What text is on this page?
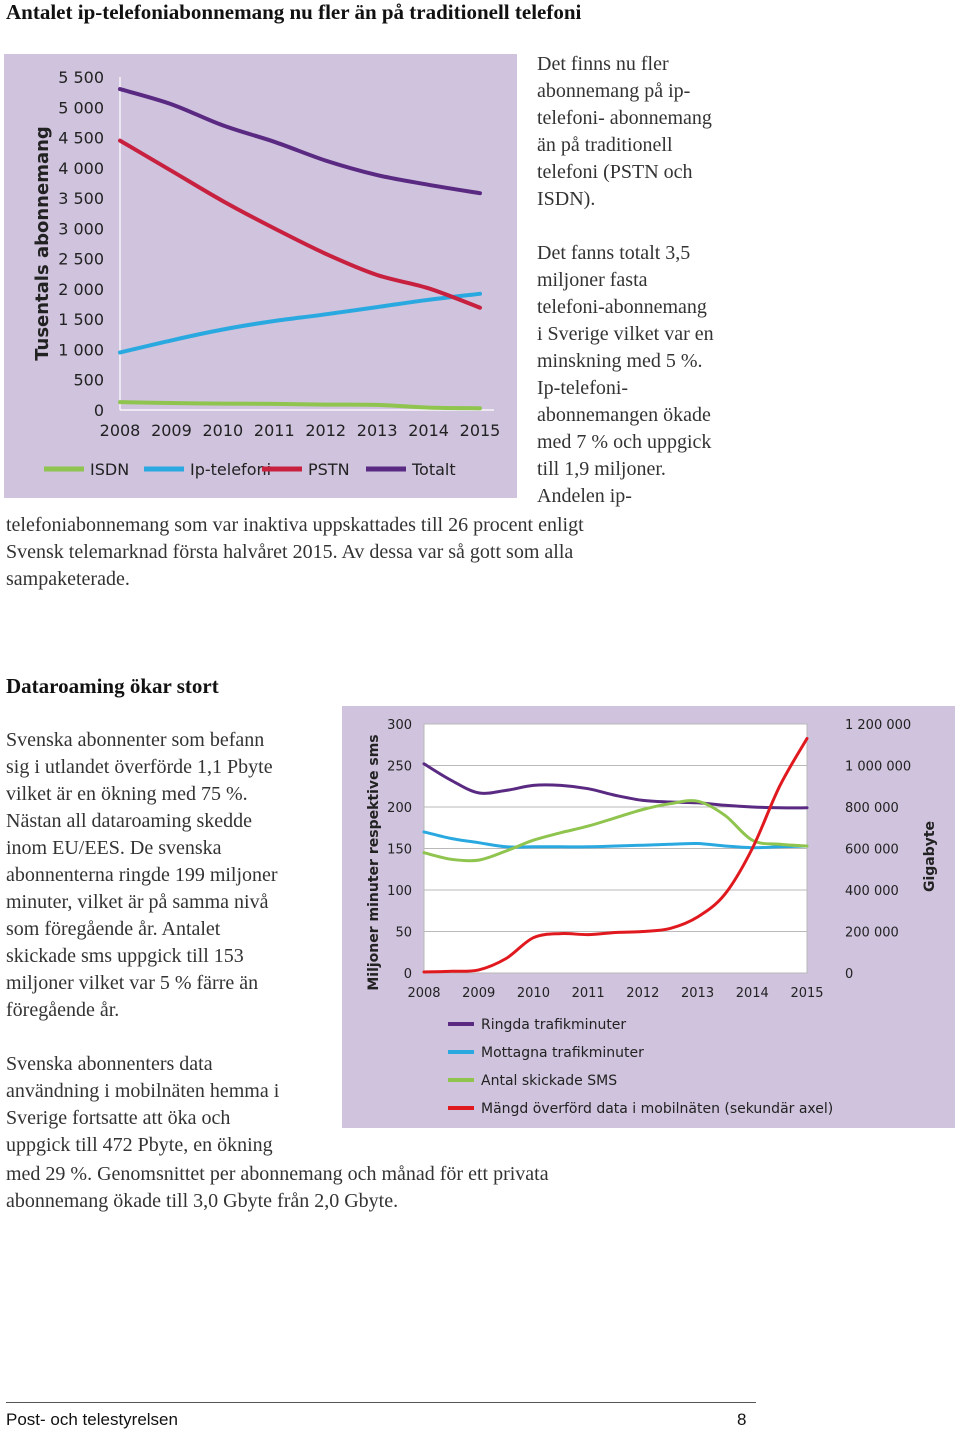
Antalet ip-telefoniabonnemang nu fler än på traditionell telefoni
0
500
1 000
1 500
2 000
2 500
3 000
3 500
4 000
4 500
5 000
5 500
2008 2009 2010 2011 2012 2013 2014 2015
Tusentals abonnemang
ISDN	Ip-telefoni PSTN	Totalt
Det finns nu fler
abonnemang på ip-
telefoni- abonnemang
än på traditionell
telefoni (PSTN och
ISDN).

Det fanns totalt 3,5
miljoner fasta
telefoni-abonnemang
i Sverige vilket var en
minskning med 5 %.
Ip-telefoni-
abonnemangen ökade
med 7 % och uppgick
till 1,9 miljoner.
Andelen ip-
telefoniabonnemang som var inaktiva uppskattades till 26 procent enligt
Svensk telemarknad första halvåret 2015. Av dessa var så gott som alla
sampaketerade.
Dataroaming ökar stort
Svenska abonnenter som befann
sig i utlandet överförde 1,1 Pbyte
vilket är en ökning med 75 %.
Nästan all dataroaming skedde
inom EU/EES. De svenska
abonnenterna ringde 199 miljoner
minuter, vilket är på samma nivå
som föregående år. Antalet
skickade sms uppgick till 153
miljoner vilket var 5 % färre än
föregående år.

Svenska abonnenters data
användning i mobilnäten hemma i
Sverige fortsatte att öka och
uppgick till 472 Pbyte, en ökning
med 29 %. Genomsnittet per abonnemang och månad för ett privata
abonnemang ökade till 3,0 Gbyte från 2,0 Gbyte.
0
50
100
150
200
250
300
0
200 000
400 000
600 000
800 000
1 000 000
1 200 000
2008 2009 2010 2011 2012 2013 2014 2015
Miljoner minuter respektive sms	Gigabyte
Ringda trafikminuter
Mottagna trafikminuter
Antal skickade SMS
Mängd överförd data i mobilnäten (sekundär axel)
Post- och telestyrelsen	8
